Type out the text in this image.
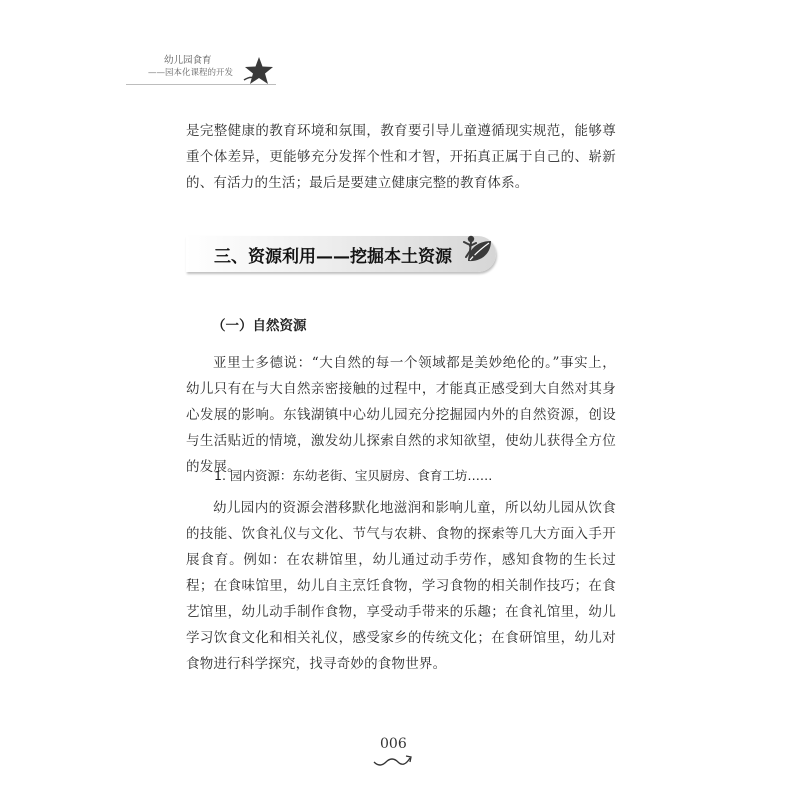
幼儿园食育
——园本化课程的开发

是完整健康的教育环境和氛围，教育要引导儿童遵循现实规范，能够尊重个体差异，更能够充分发挥个性和才智，开拓真正属于自己的、崭新的、有活力的生活；最后是要建立健康完整的教育体系。

三、资源利用——挖掘本土资源
（一）自然资源

亚里士多德说：“大自然的每一个领域都是美妙绝伦的。”事实上，幼儿只有在与大自然亲密接触的过程中，才能真正感受到大自然对其身心发展的影响。东钱湖镇中心幼儿园充分挖掘园内外的自然资源，创设与生活贴近的情境，激发幼儿探索自然的求知欲望，使幼儿获得全方位的发展。

1. 园内资源：东幼老街、宝贝厨房、食育工坊……

幼儿园内的资源会潜移默化地滋润和影响儿童，所以幼儿园从饮食的技能、饮食礼仪与文化、节气与农耕、食物的探索等几大方面入手开展食育。例如：在农耕馆里，幼儿通过动手劳作，感知食物的生长过程；在食味馆里，幼儿自主烹饪食物，学习食物的相关制作技巧；在食艺馆里，幼儿动手制作食物，享受动手带来的乐趣；在食礼馆里，幼儿学习饮食文化和相关礼仪，感受家乡的传统文化；在食研馆里，幼儿对食物进行科学探究，找寻奇妙的食物世界。

006
